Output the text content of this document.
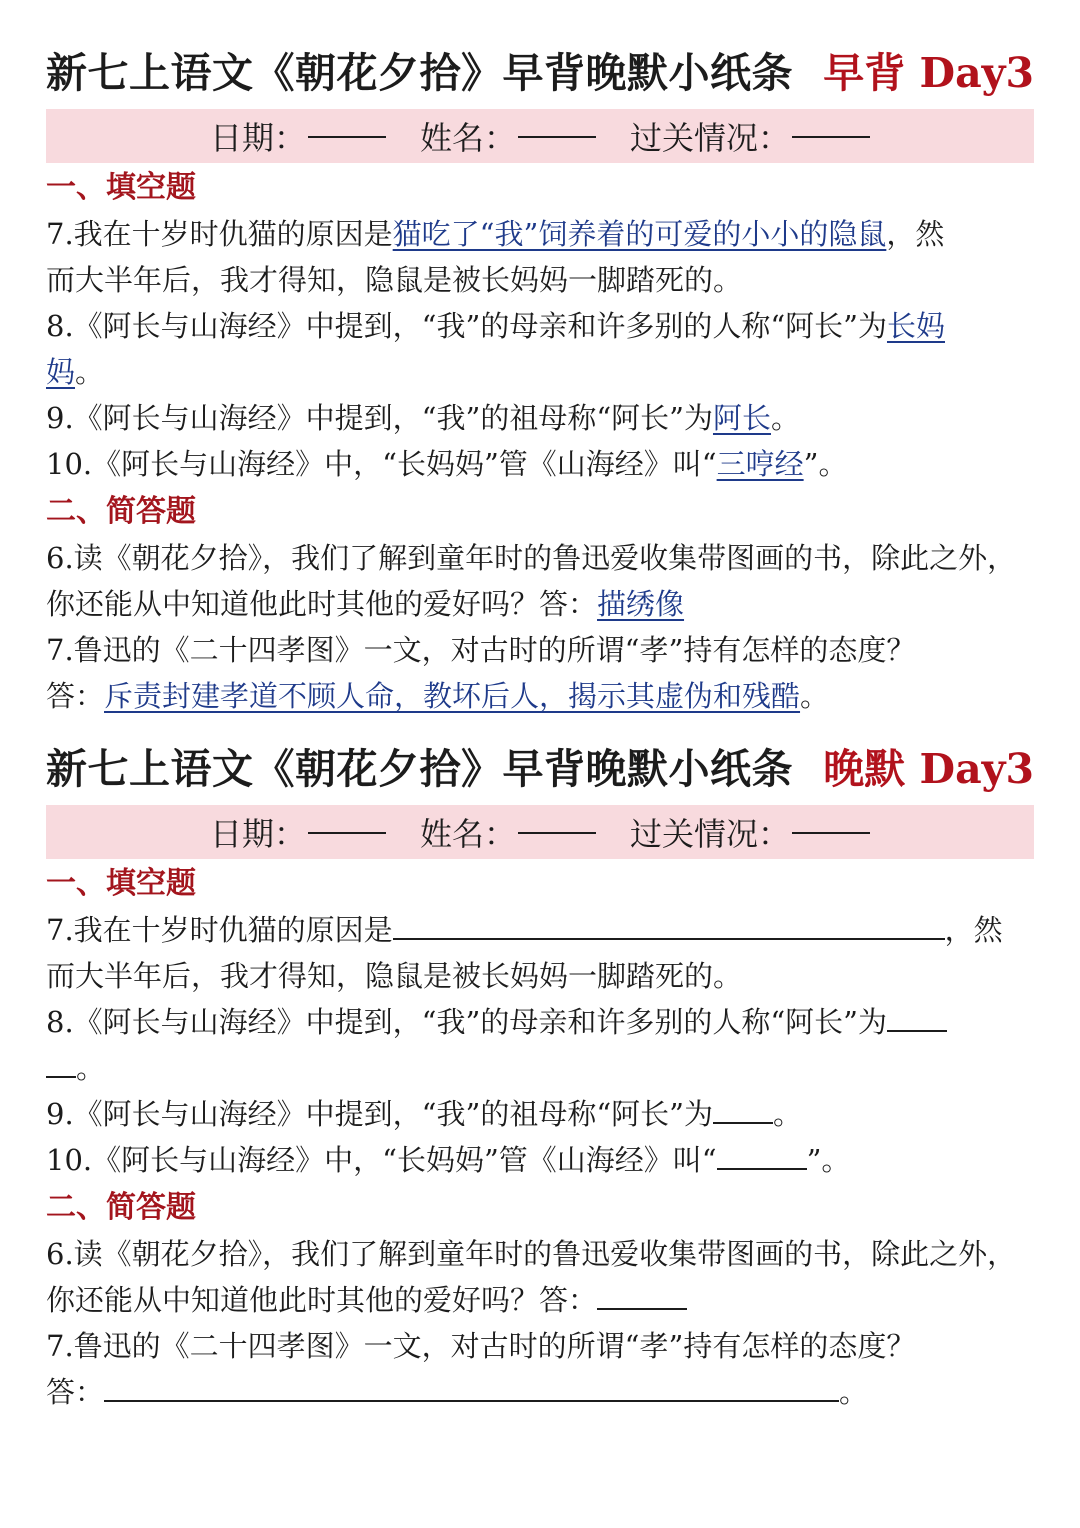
新七上语文《朝花夕拾》早背晚默小纸条 早背 Day3
日期：	姓名：	过关情况：
一、填空题
7.我在十岁时仇猫的原因是猫吃了“我”饲养着的可爱的小小的隐鼠，然
而大半年后，我才得知，隐鼠是被长妈妈一脚踏死的。
8.《阿长与山海经》中提到，“我”的母亲和许多别的人称“阿长”为长妈
妈。
9.《阿长与山海经》中提到，“我”的祖母称“阿长”为阿长。
10.《阿长与山海经》中，“长妈妈”管《山海经》叫“三哼经”。
二、简答题
6.读《朝花夕拾》，我们了解到童年时的鲁迅爱收集带图画的书，除此之外，
你还能从中知道他此时其他的爱好吗？答：描绣像
7.鲁迅的《二十四孝图》一文，对古时的所谓“孝”持有怎样的态度？
答：斥责封建孝道不顾人命，教坏后人，揭示其虚伪和残酷。
新七上语文《朝花夕拾》早背晚默小纸条 晚默 Day3
日期：	姓名：	过关情况：
一、填空题
7.我在十岁时仇猫的原因是	，然
而大半年后，我才得知，隐鼠是被长妈妈一脚踏死的。
8.《阿长与山海经》中提到，“我”的母亲和许多别的人称“阿长”为
。
9.《阿长与山海经》中提到，“我”的祖母称“阿长”为 。
10.《阿长与山海经》中，“长妈妈”管《山海经》叫“	”。
二、简答题
6.读《朝花夕拾》，我们了解到童年时的鲁迅爱收集带图画的书，除此之外，
你还能从中知道他此时其他的爱好吗？答：
7.鲁迅的《二十四孝图》一文，对古时的所谓“孝”持有怎样的态度？
答：	。
